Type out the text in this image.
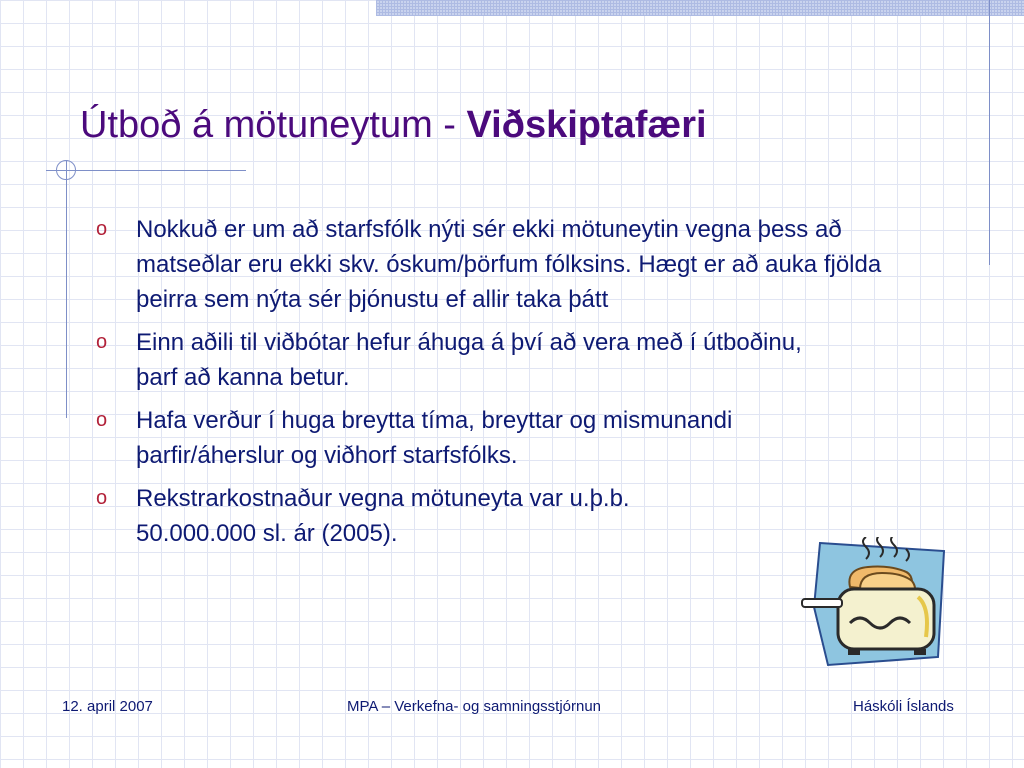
Útboð á mötuneytum - Viðskiptafæri
o	Nokkuð er um að starfsfólk nýti sér ekki mötuneytin vegna þess að matseðlar eru ekki skv. óskum/þörfum fólksins. Hægt er að auka fjölda þeirra sem nýta sér þjónustu ef allir taka þátt
o	Einn aðili til viðbótar hefur áhuga á því að vera með í útboðinu, þarf að kanna betur.
o	Hafa verður í huga breytta tíma, breyttar og mismunandi þarfir/áherslur og viðhorf starfsfólks.
o	Rekstrarkostnaður vegna mötuneyta var u.þ.b. 50.000.000 sl. ár (2005).
12. april 2007	MPA – Verkefna- og samningsstjórnun	Háskóli Íslands
